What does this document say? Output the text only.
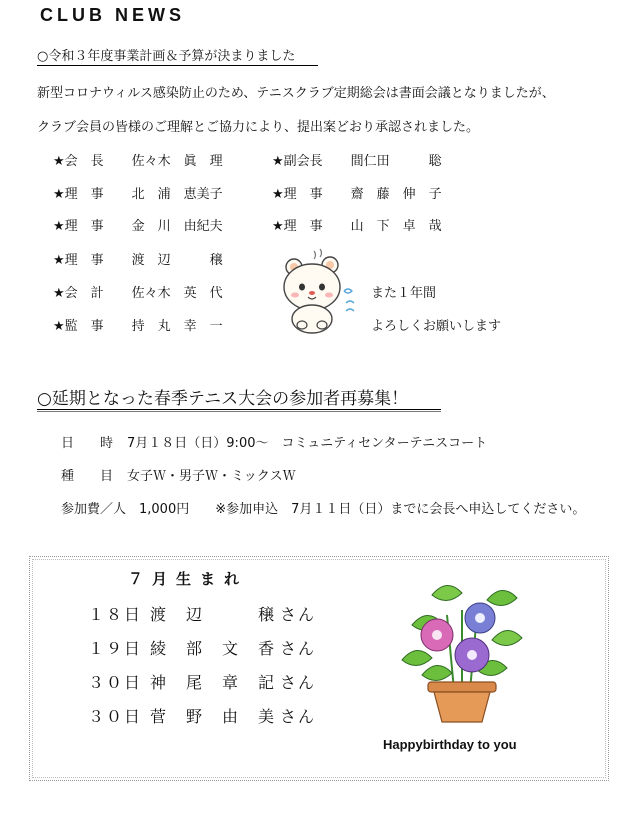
CLUB NEWS
○令和３年度事業計画＆予算が決まりました
新型コロナウィルス感染防止のため、テニスクラブ定期総会は書面会議となりましたが、
クラブ会員の皆様のご理解とご協力により、提出案どおり承認されました。
★会　長 佐々木　眞　理
★理　事 北　浦　恵美子
★理　事 金　川　由紀夫
★理　事 渡　辺　　　穣
★会　計 佐々木　英　代
★監　事 持　丸　幸　一
★副会長 間仁田　　　聡
★理　事 齋　藤　伸　子
★理　事 山　下　卓　哉
また１年間
よろしくお願いします
○延期となった春季テニス大会の参加者再募集！
日　　時 7月１８日（日）9:00～　コミュニティセンターテニスコート
種　　目 女子Ｗ・男子Ｗ・ミックスＷ
参加費／人　1,000円　　※参加申込　7月１１日（日）までに会長へ申込してください。
７月生まれ
１８日 渡　辺　　　穣 さん
１９日 綾　部　文　香 さん
３０日 神　尾　章　記 さん
３０日 菅　野　由　美 さん
Happybirthday to you
